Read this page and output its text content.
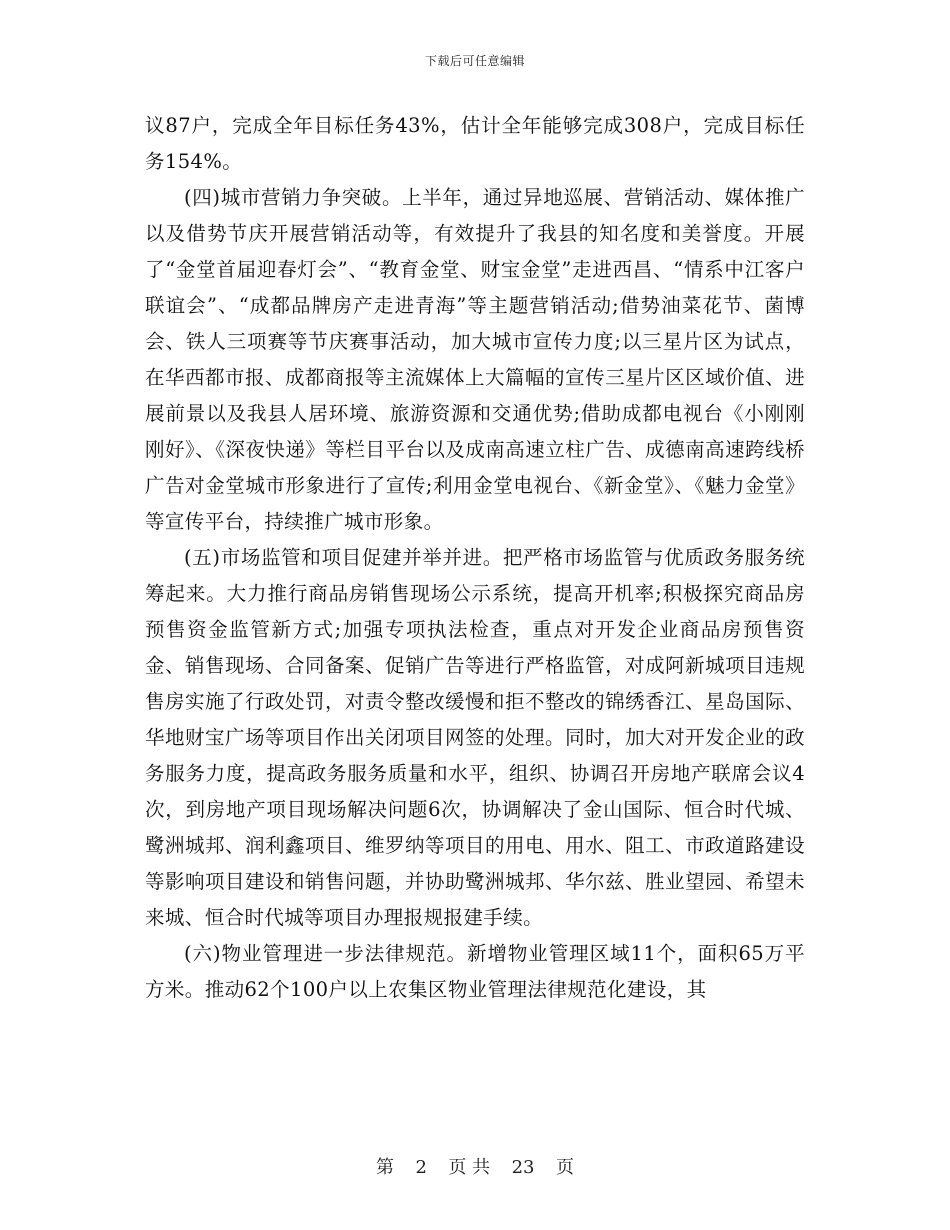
下载后可任意编辑

议87户，完成全年目标任务43%，估计全年能够完成308户，完成目标任务154%。

(四)城市营销力争突破。上半年，通过异地巡展、营销活动、媒体推广以及借势节庆开展营销活动等，有效提升了我县的知名度和美誉度。开展了“金堂首届迎春灯会”、“教育金堂、财宝金堂”走进西昌、“情系中江客户联谊会”、“成都品牌房产走进青海”等主题营销活动;借势油菜花节、菌博会、铁人三项赛等节庆赛事活动，加大城市宣传力度;以三星片区为试点，在华西都市报、成都商报等主流媒体上大篇幅的宣传三星片区区域价值、进展前景以及我县人居环境、旅游资源和交通优势;借助成都电视台《小刚刚刚好》、《深夜快递》等栏目平台以及成南高速立柱广告、成德南高速跨线桥广告对金堂城市形象进行了宣传;利用金堂电视台、《新金堂》、《魅力金堂》等宣传平台，持续推广城市形象。

(五)市场监管和项目促建并举并进。把严格市场监管与优质政务服务统筹起来。大力推行商品房销售现场公示系统，提高开机率;积极探究商品房预售资金监管新方式;加强专项执法检查，重点对开发企业商品房预售资金、销售现场、合同备案、促销广告等进行严格监管，对成阿新城项目违规售房实施了行政处罚，对责令整改缓慢和拒不整改的锦绣香江、星岛国际、华地财宝广场等项目作出关闭项目网签的处理。同时，加大对开发企业的政务服务力度，提高政务服务质量和水平，组织、协调召开房地产联席会议4次，到房地产项目现场解决问题6次，协调解决了金山国际、恒合时代城、鹭洲城邦、润利鑫项目、维罗纳等项目的用电、用水、阻工、市政道路建设等影响项目建设和销售问题，并协助鹭洲城邦、华尔兹、胜业望园、希望未来城、恒合时代城等项目办理报规报建手续。

(六)物业管理进一步法律规范。新增物业管理区域11个，面积65万平方米。推动62个100户以上农集区物业管理法律规范化建设，其

第 2 页 共 23 页
